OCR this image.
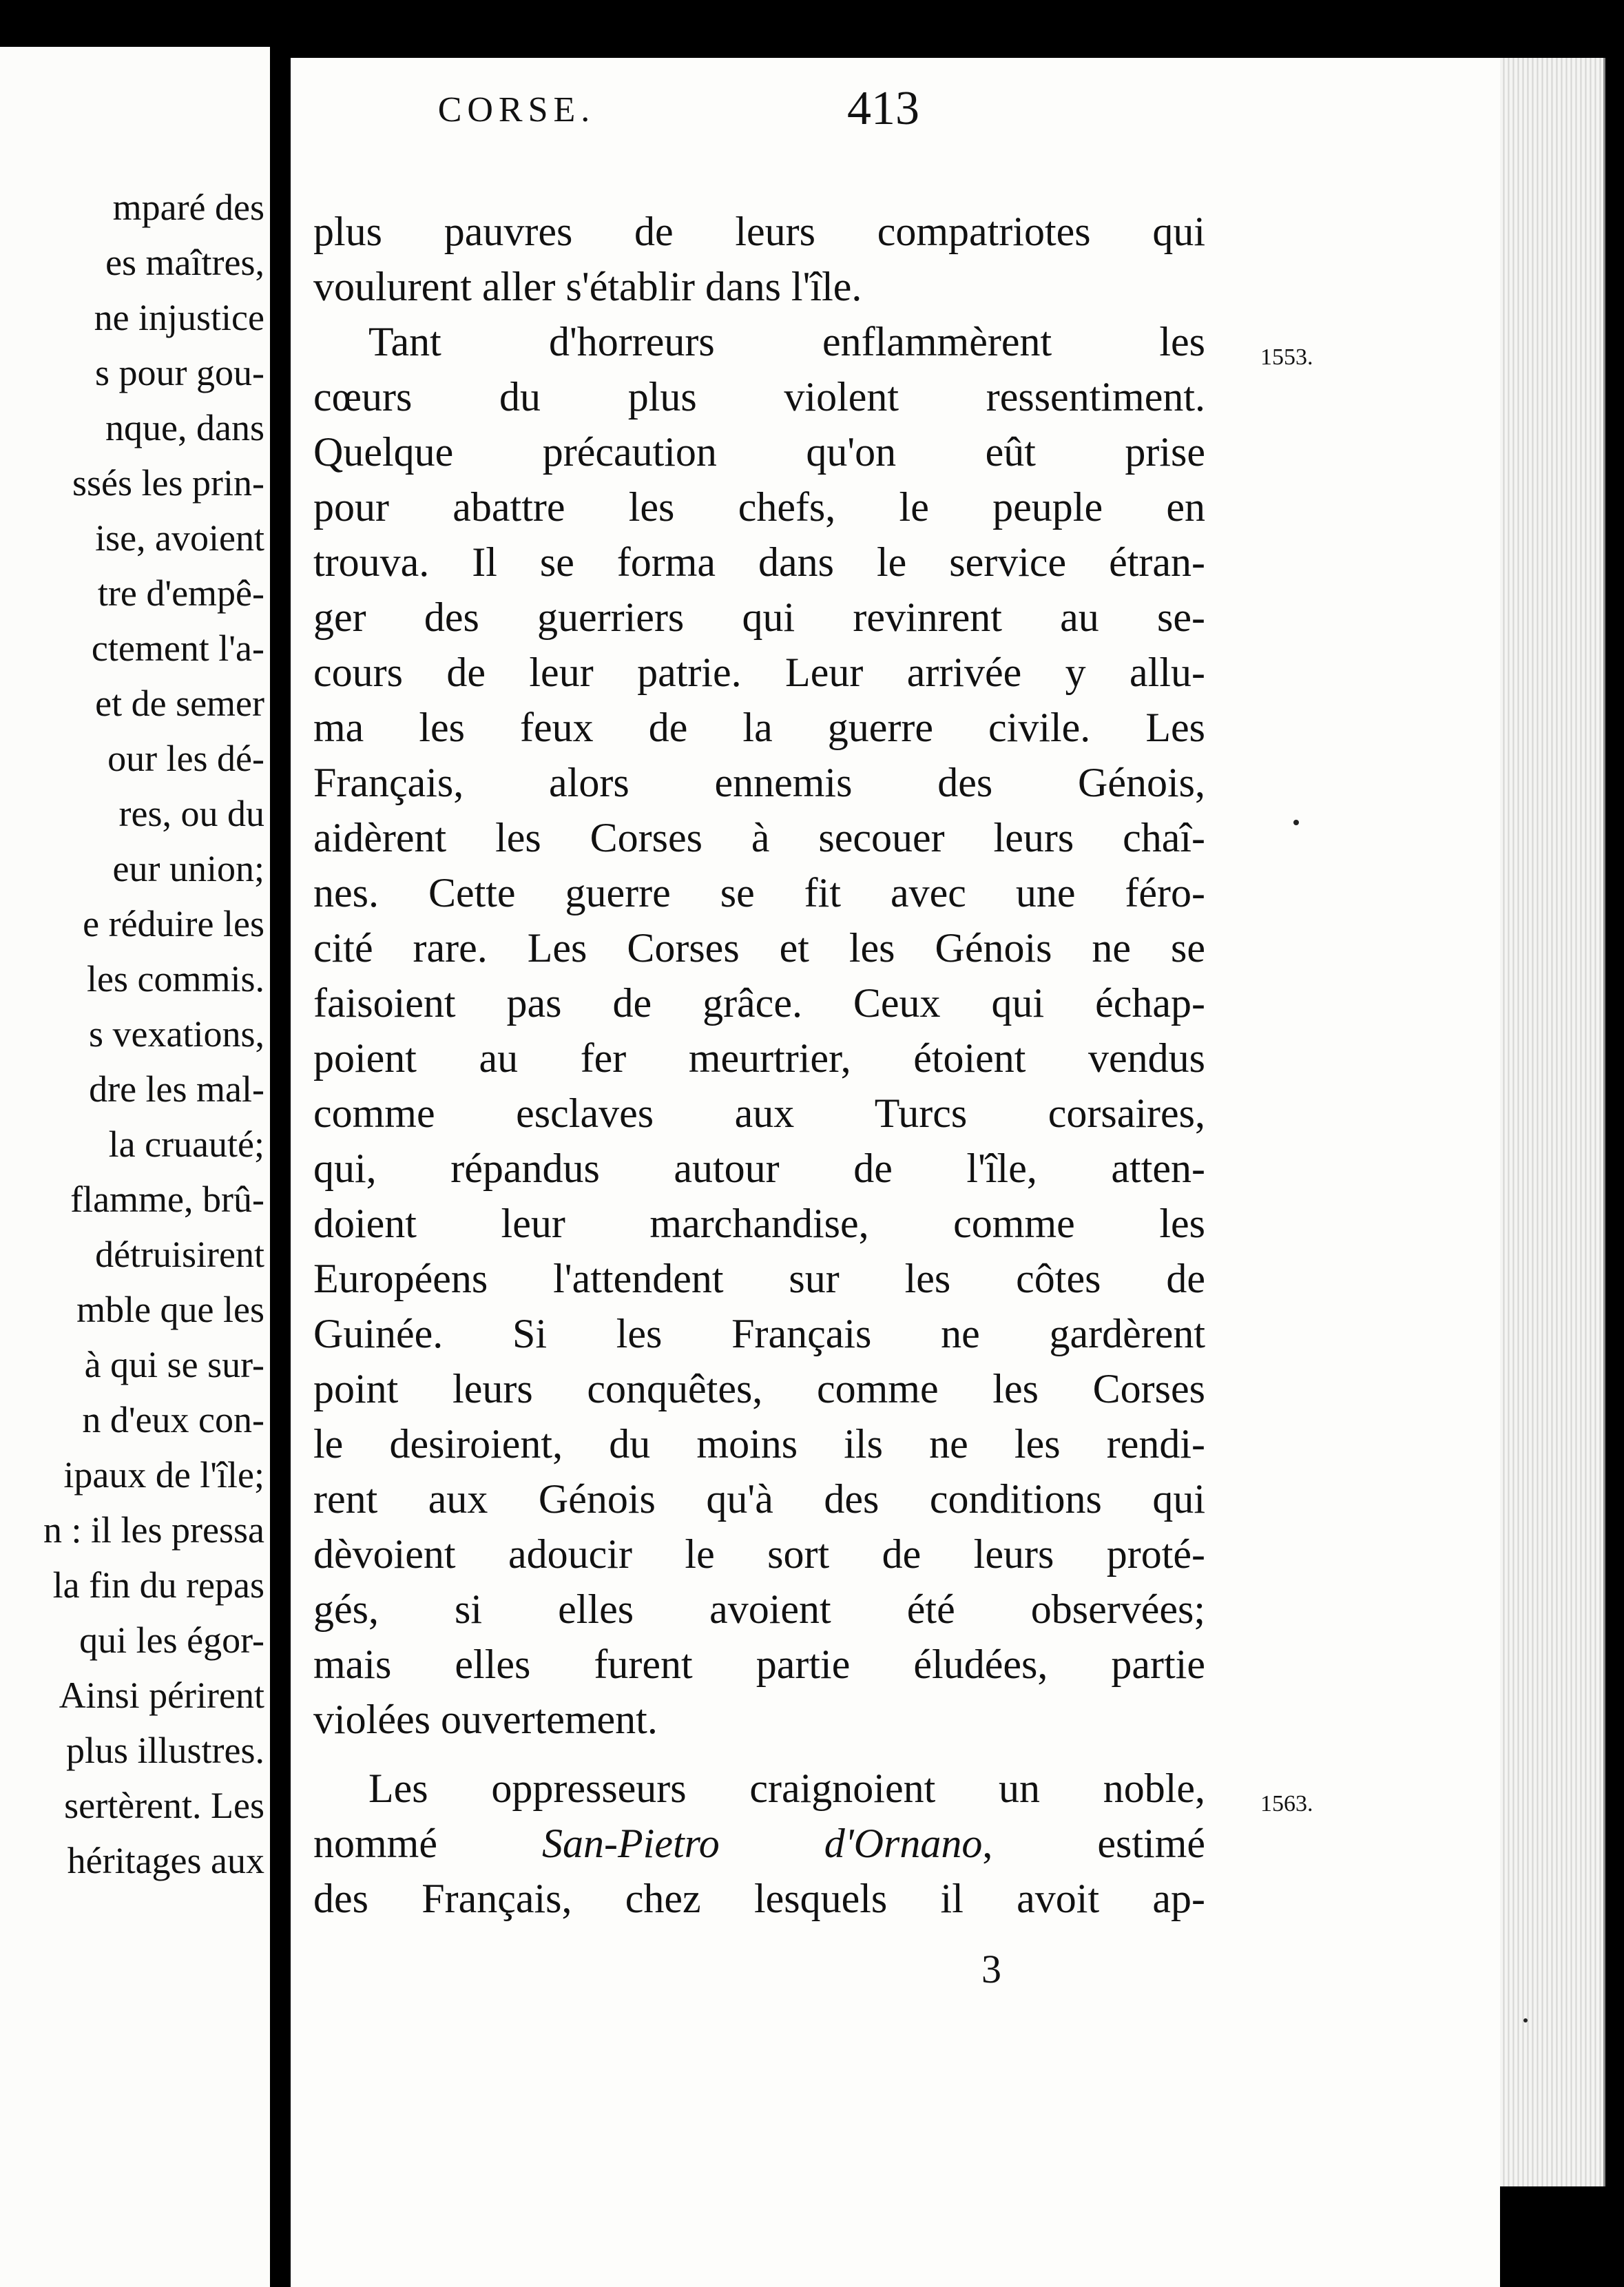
mparé des
es maîtres,
ne injustice
s pour gou-
nque, dans
ssés les prin-
ise, avoient
tre d'empê-
ctement l'a-
et de semer
our les dé-
res, ou du
eur union;
e réduire les
les commis.
s vexations,
dre les mal-
la cruauté;
flamme, brû-
détruisirent
mble que les
à qui se sur-
n d'eux con-
ipaux de l'île;
n : il les pressa
la fin du repas
qui les égor-
Ainsi périrent
plus illustres.
sertèrent. Les
héritages aux
CORSE.	413
plus pauvres de leurs compatriotes qui
voulurent aller s'établir dans l'île.
Tant d'horreurs enflammèrent les
cœurs du plus violent ressentiment.
Quelque précaution qu'on eût prise
pour abattre les chefs, le peuple en
trouva. Il se forma dans le service étran-
ger des guerriers qui revinrent au se-
cours de leur patrie. Leur arrivée y allu-
ma les feux de la guerre civile. Les
Français, alors ennemis des Génois,
aidèrent les Corses à secouer leurs chaî-
nes. Cette guerre se fit avec une féro-
cité rare. Les Corses et les Génois ne se
faisoient pas de grâce. Ceux qui échap-
poient au fer meurtrier, étoient vendus
comme esclaves aux Turcs corsaires,
qui, répandus autour de l'île, atten-
doient leur marchandise, comme les
Européens l'attendent sur les côtes de
Guinée. Si les Français ne gardèrent
point leurs conquêtes, comme les Corses
le desiroient, du moins ils ne les rendi-
rent aux Génois qu'à des conditions qui
dèvoient adoucir le sort de leurs proté-
gés, si elles avoient été observées;
mais elles furent partie éludées, partie
violées ouvertement.
Les oppresseurs craignoient un noble,
nommé San-Pietro d'Ornano, estimé
des Français, chez lesquels il avoit ap-
1553.
1563.
3
